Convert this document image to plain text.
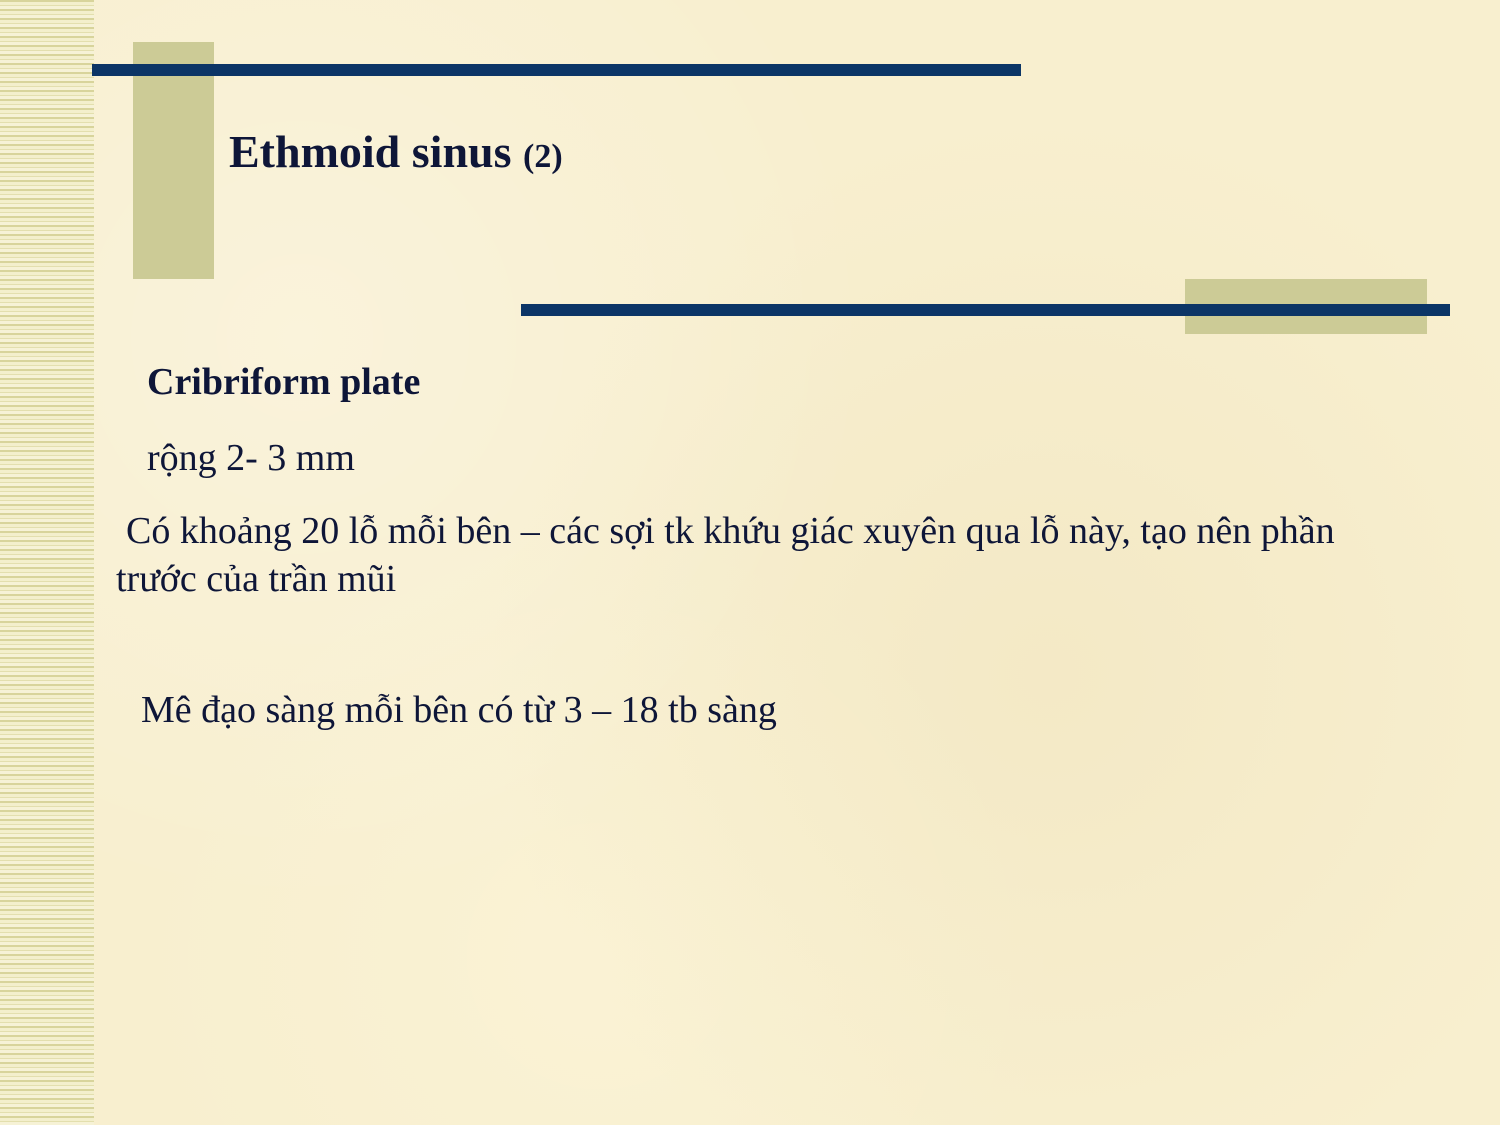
Ethmoid sinus (2)

Cribriform plate

rộng 2- 3 mm

Có khoảng 20 lỗ mỗi bên – các sợi tk khứu giác xuyên qua lỗ này, tạo nên phần trước của trần mũi

Mê đạo sàng mỗi bên có từ 3 – 18 tb sàng
